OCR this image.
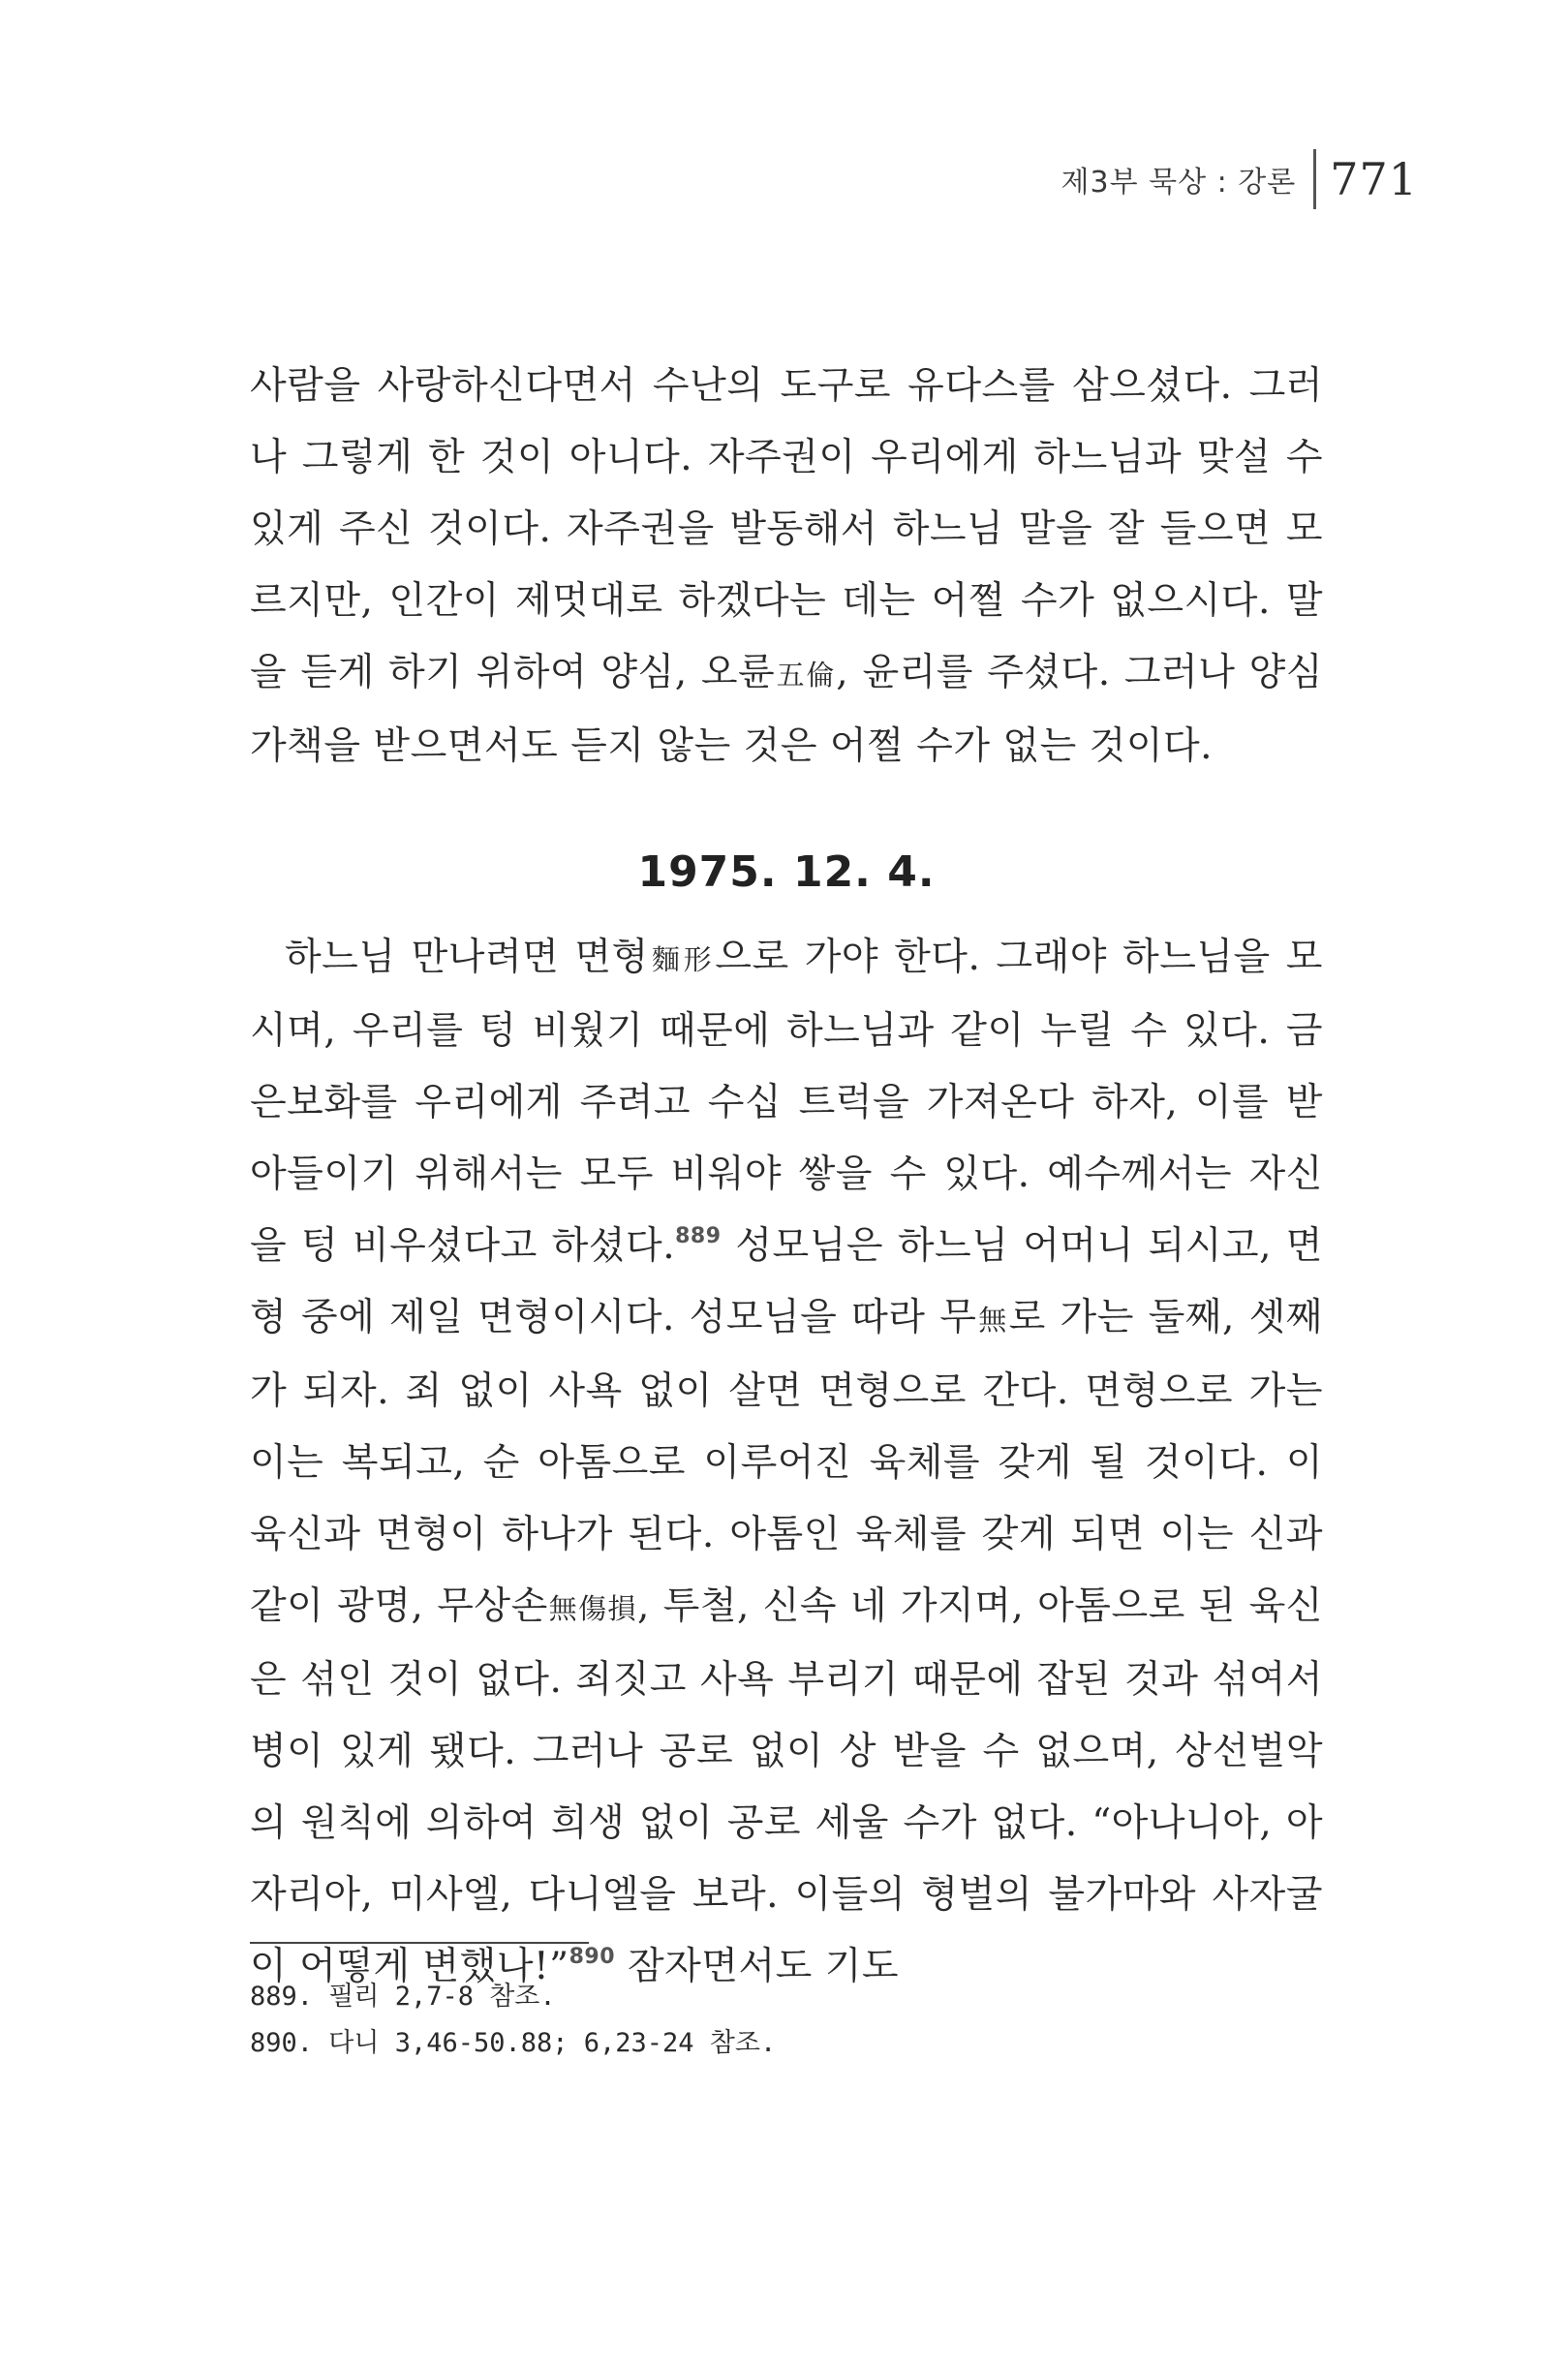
제3부 묵상 : 강론 771

사람을 사랑하신다면서 수난의 도구로 유다스를 삼으셨다. 그러나 그렇게 한 것이 아니다. 자주권이 우리에게 하느님과 맞설 수 있게 주신 것이다. 자주권을 발동해서 하느님 말을 잘 들으면 모르지만, 인간이 제멋대로 하겠다는 데는 어쩔 수가 없으시다. 말을 듣게 하기 위하여 양심, 오륜五倫, 윤리를 주셨다. 그러나 양심 가책을 받으면서도 듣지 않는 것은 어쩔 수가 없는 것이다.

1975. 12. 4.

하느님 만나려면 면형麵形으로 가야 한다. 그래야 하느님을 모시며, 우리를 텅 비웠기 때문에 하느님과 같이 누릴 수 있다. 금은보화를 우리에게 주려고 수십 트럭을 가져온다 하자, 이를 받아들이기 위해서는 모두 비워야 쌓을 수 있다. 예수께서는 자신을 텅 비우셨다고 하셨다.$^{889}$ 성모님은 하느님 어머니 되시고, 면형 중에 제일 면형이시다. 성모님을 따라 무無로 가는 둘째, 셋째가 되자. 죄 없이 사욕 없이 살면 면형으로 간다. 면형으로 가는 이는 복되고, 순 아톰으로 이루어진 육체를 갖게 될 것이다. 이 육신과 면형이 하나가 된다. 아톰인 육체를 갖게 되면 이는 신과 같이 광명, 무상손無傷損, 투철, 신속 네 가지며, 아톰으로 된 육신은 섞인 것이 없다. 죄짓고 사욕 부리기 때문에 잡된 것과 섞여서 병이 있게 됐다. 그러나 공로 없이 상 받을 수 없으며, 상선벌악의 원칙에 의하여 희생 없이 공로 세울 수가 없다. “아나니아, 아자리아, 미사엘, 다니엘을 보라. 이들의 형벌의 불가마와 사자굴이 어떻게 변했나!”$^{890}$ 잠자면서도 기도

889. 필리 2,7-8 참조.
890. 다니 3,46-50.88; 6,23-24 참조.
